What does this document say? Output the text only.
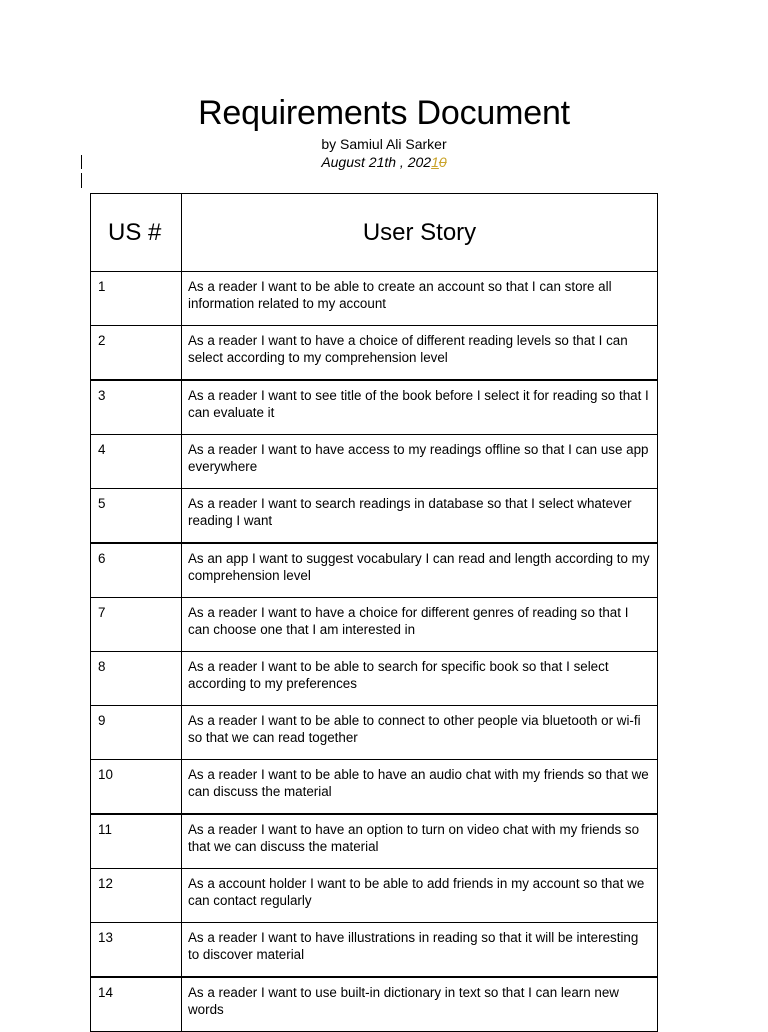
Requirements Document
by Samiul Ali Sarker
August 21th , 20210
US #	User Story
1	As a reader I want to be able to create an account so that I can store all information related to my account
2	As a reader I want to have a choice of different reading levels so that I can select according to my comprehension level
3	As a reader I want to see title of the book before I select it for reading so that I can evaluate it
4	As a reader I want to have access to my readings offline so that I can use app everywhere
5	As a reader I want to search readings in database so that I select whatever reading I want
6	As an app I want to suggest vocabulary I can read and length according to my comprehension level
7	As a reader I want to have a choice for different genres of reading so that I can choose one that I am interested in
8	As a reader I want to be able to search for specific book so that I select according to my preferences
9	As a reader I want to be able to connect to other people via bluetooth or wi-fi so that we can read together
10	As a reader I want to be able to have an audio chat with my friends so that we can discuss the material
11	As a reader I want to have an option to turn on video chat with my friends so that we can discuss the material
12	As a account holder I want to be able to add friends in my account so that we can contact regularly
13	As a reader I want to have illustrations in reading so that it will be interesting to discover material
14	As a reader I want to use built-in dictionary in text so that I can learn new words
